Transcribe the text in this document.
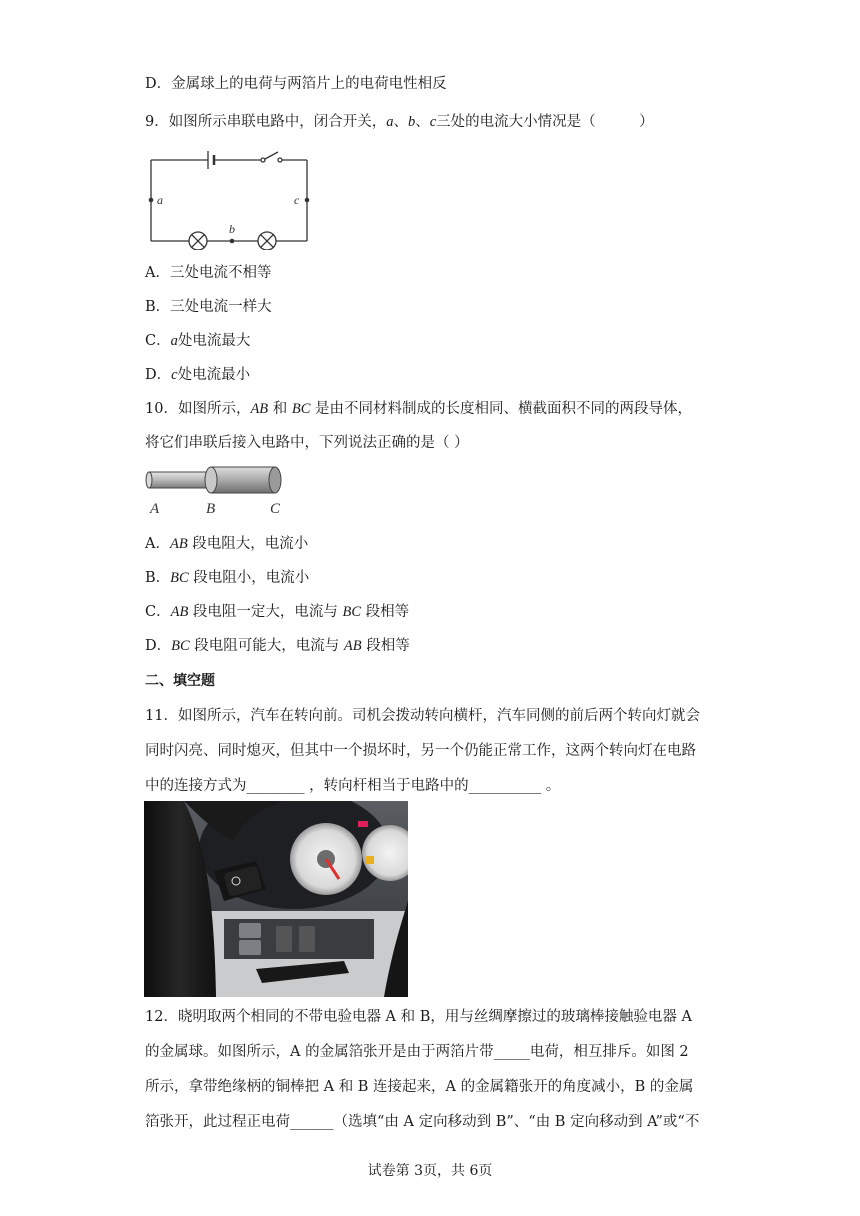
D．金属球上的电荷与两箔片上的电荷电性相反
9．如图所示串联电路中，闭合开关，a、b、c三处的电流大小情况是（　　　）
a
b
c
A．三处电流不相等
B．三处电流一样大
C．a处电流最大
D．c处电流最小
10．如图所示，AB 和 BC 是由不同材料制成的长度相同、横截面积不同的两段导体，
将它们串联后接入电路中，下列说法正确的是（ ）
A	B	C
A．AB 段电阻大，电流小
B．BC 段电阻小，电流小
C．AB 段电阻一定大，电流与 BC 段相等
D．BC 段电阻可能大，电流与 AB 段相等
二、填空题
11．如图所示，汽车在转向前。司机会拨动转向横杆，汽车同侧的前后两个转向灯就会
同时闪亮、同时熄灭，但其中一个损坏时，另一个仍能正常工作，这两个转向灯在电路
中的连接方式为________ ，转向杆相当于电路中的__________ 。
12．晓明取两个相同的不带电验电器 A 和 B，用与丝绸摩擦过的玻璃棒接触验电器 A
的金属球。如图所示，A 的金属箔张开是由于两箔片带_____电荷，相互排斥。如图 2
所示，拿带绝缘柄的铜棒把 A 和 B 连接起来，A 的金属籍张开的角度减小，B 的金属
箔张开，此过程正电荷______（选填“由 A 定向移动到 B”、“由 B 定向移动到 A”或“不
试卷第 3页，共 6页
